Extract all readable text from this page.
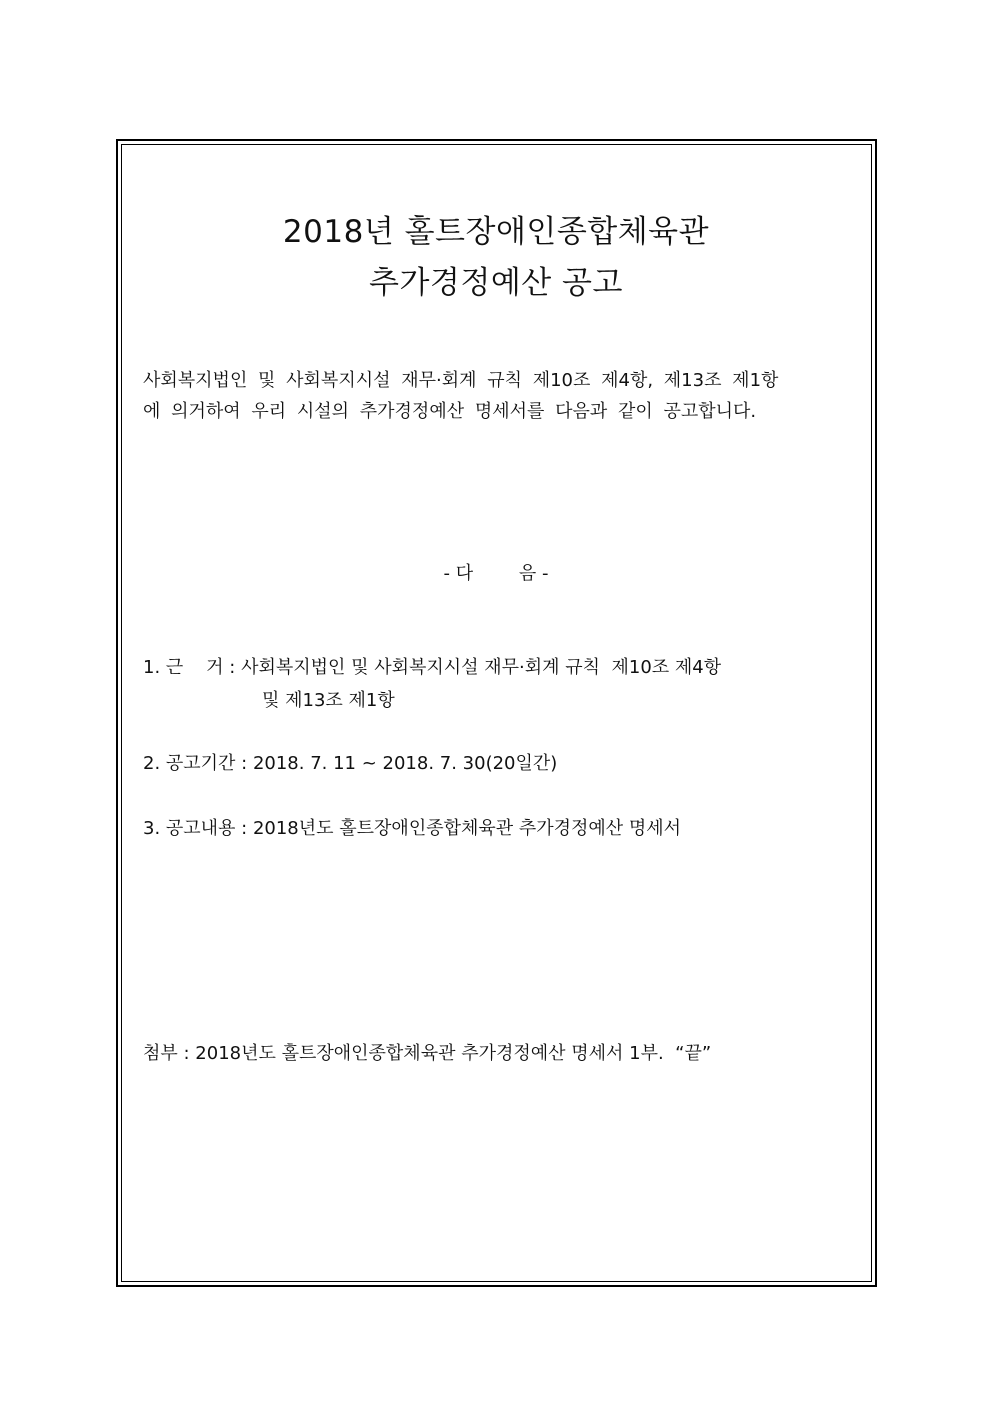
2018년 홀트장애인종합체육관
추가경정예산 공고
사회복지법인 및 사회복지시설 재무·회계 규칙 제10조 제4항, 제13조 제1항
에 의거하여 우리 시설의 추가경정예산 명세서를 다음과 같이 공고합니다.
- 다        음 -
1. 근    거 : 사회복지법인 및 사회복지시설 재무·회계 규칙  제10조 제4항
및 제13조 제1항
2. 공고기간 : 2018. 7. 11 ~ 2018. 7. 30(20일간)
3. 공고내용 : 2018년도 홀트장애인종합체육관 추가경정예산 명세서
첨부 : 2018년도 홀트장애인종합체육관 추가경정예산 명세서 1부.  “끝”
